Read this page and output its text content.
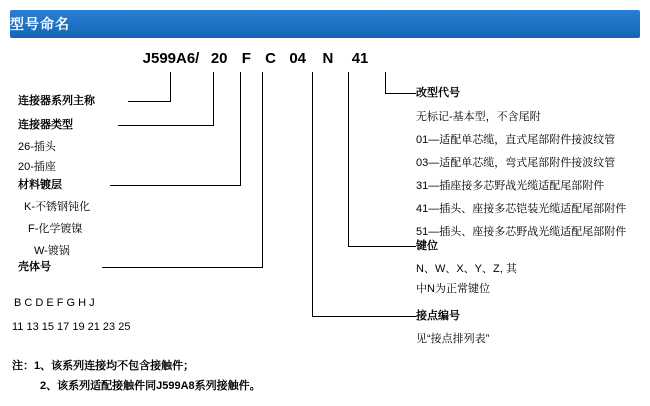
型号命名
J599A6/ 20 F C 04 N 41
连接器系列主称
连接器类型
26-插头
20-插座
材料镀层
K-不锈钢钝化
F-化学镀镍
W-镀锅
壳体号
B C D E F G H J
11 13 15 17 19 21 23 25
改型代号
无标记-基本型，不含尾附
01—适配单芯缆，直式尾部附件接波纹管
03—适配单芯缆，弯式尾部附件接波纹管
31—插座接多芯野战光缆适配尾部附件
41—插头、座接多芯铠装光缆适配尾部附件
51—插头、座接多芯野战光缆适配尾部附件
键位
N、W、X、Y、Z, 其
中N为正常键位
接点编号
见“接点排列表”
注：1、该系列连接均不包含接触件；
2、该系列适配接触件同J599A8系列接触件。
